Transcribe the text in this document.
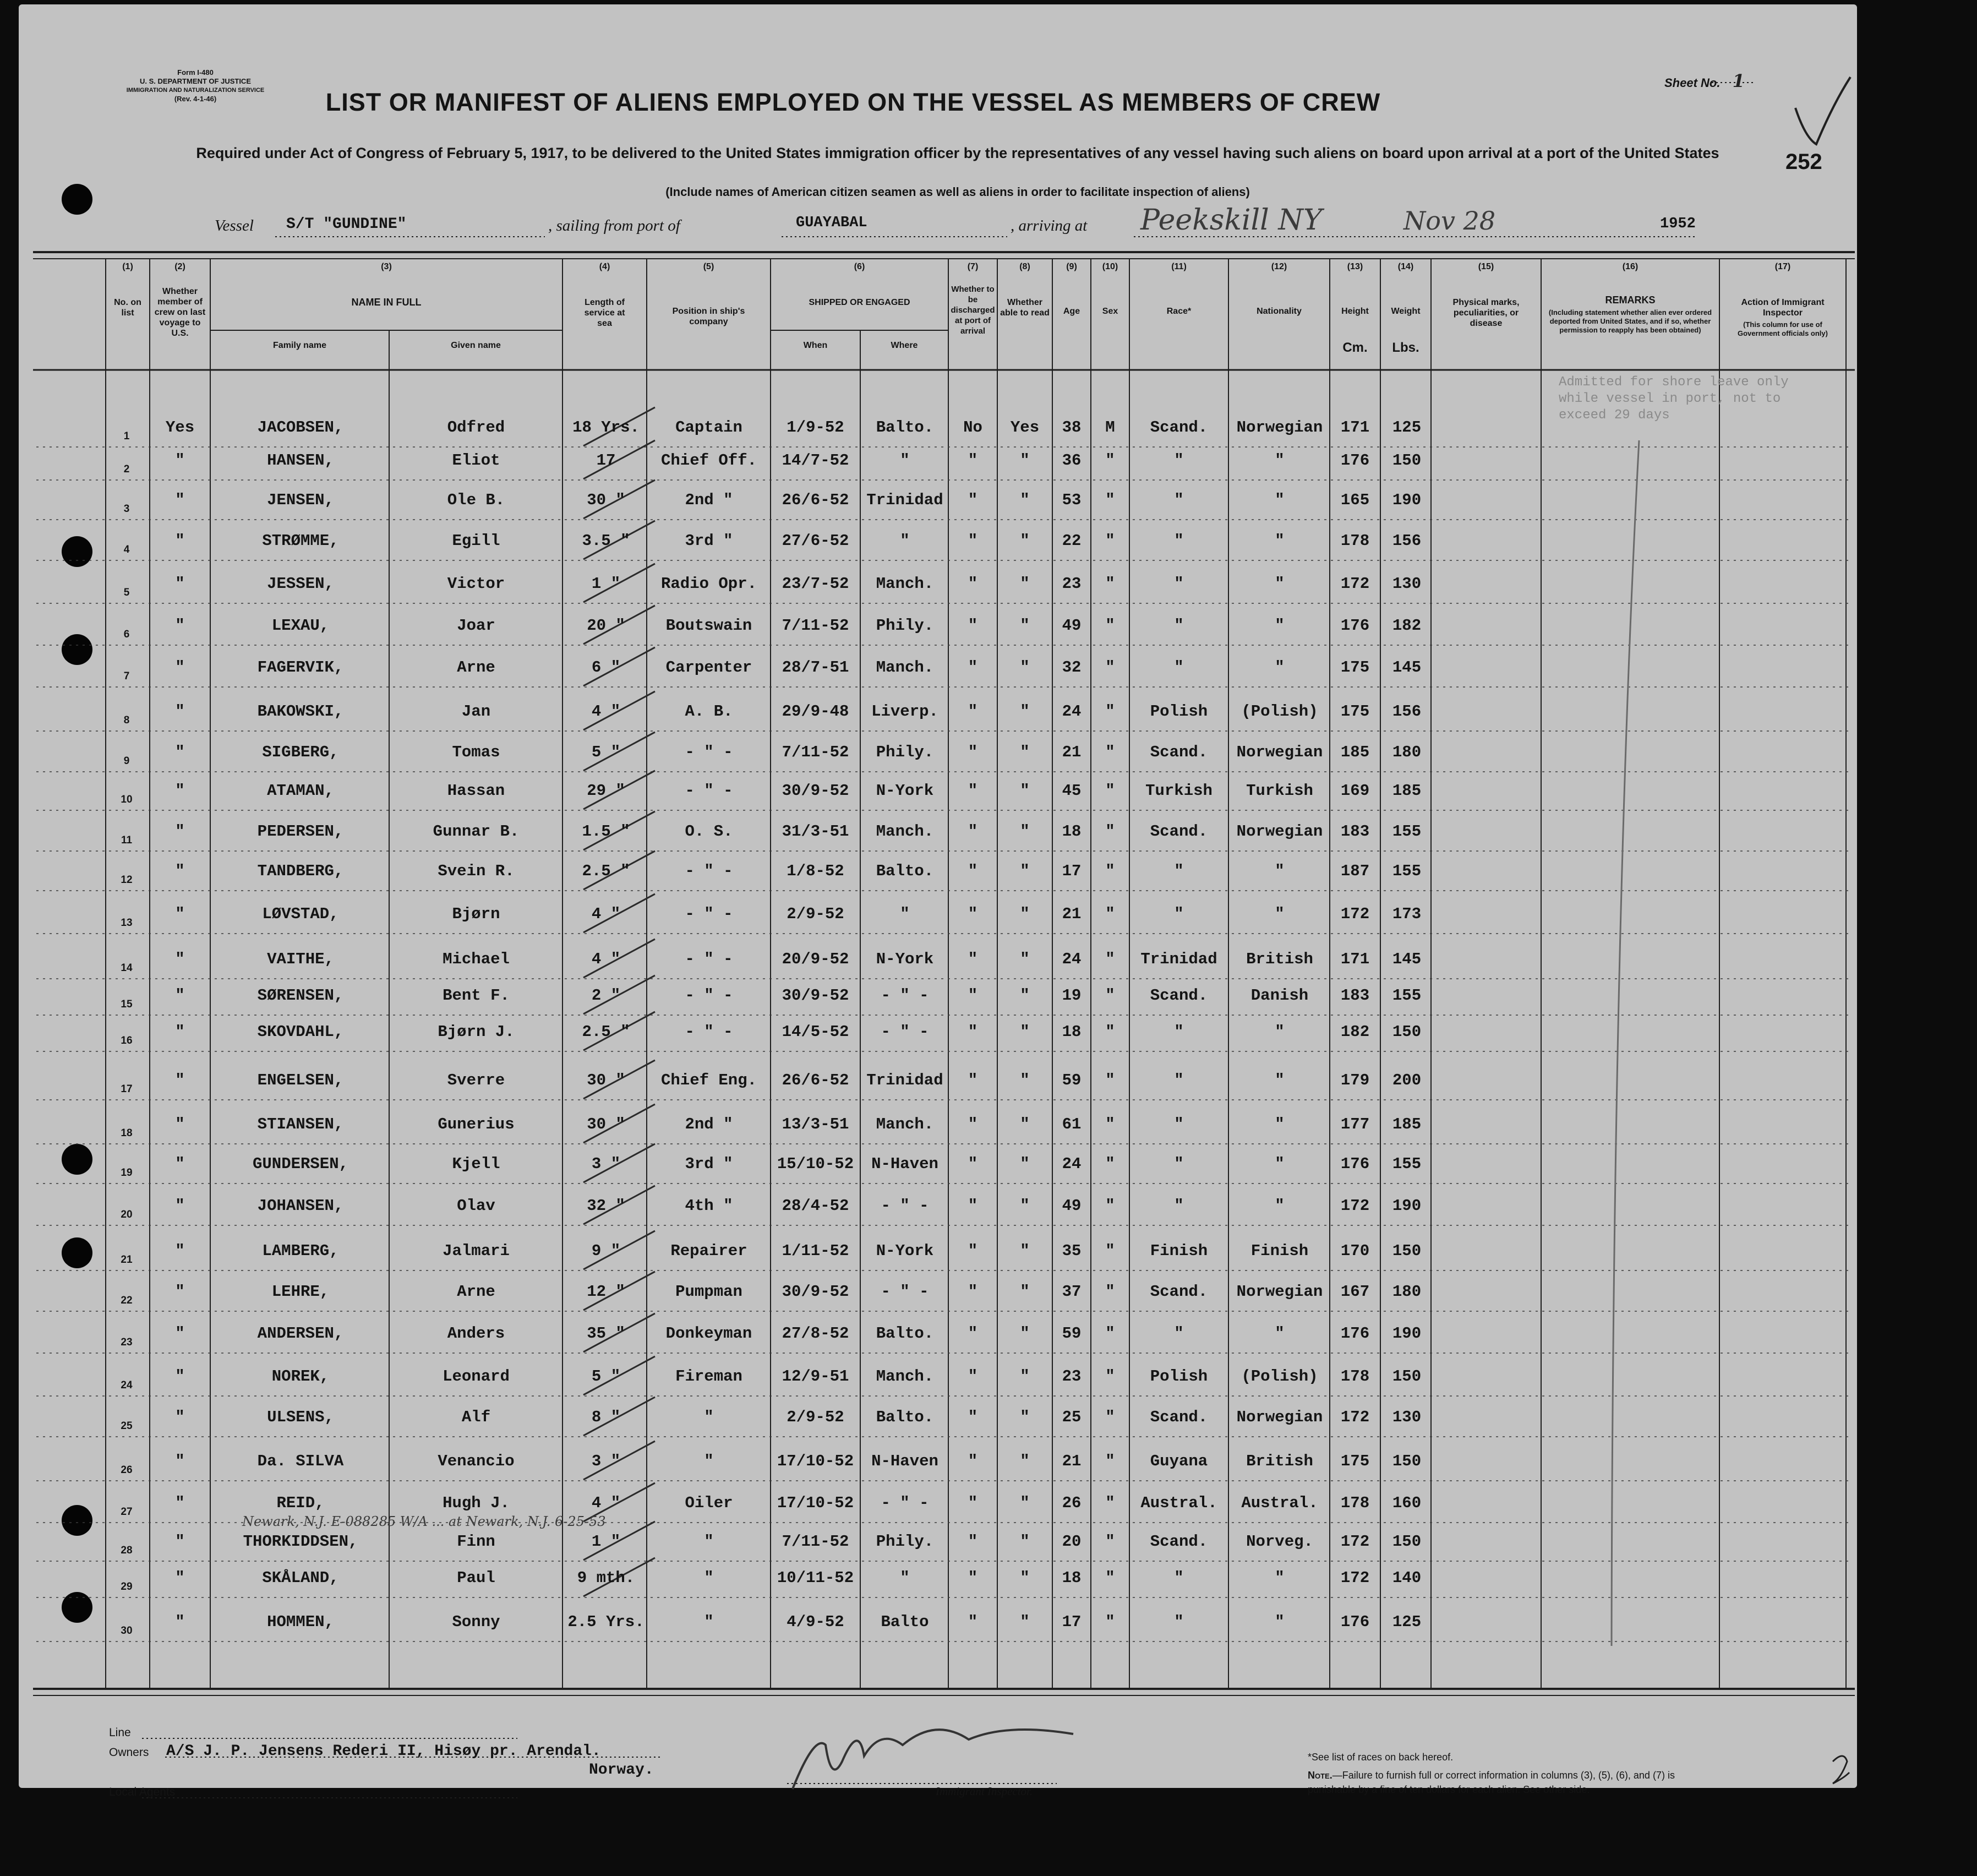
Form I-480
U. S. DEPARTMENT OF JUSTICE
IMMIGRATION AND NATURALIZATION SERVICE
(Rev. 4-1-46)
Sheet No. 1
252
LIST OR MANIFEST OF ALIENS EMPLOYED ON THE VESSEL AS MEMBERS OF CREW
Required under Act of Congress of February 5, 1917, to be delivered to the United States immigration officer by the representatives of any vessel having such aliens on board upon arrival at a port of the United States
(Include names of American citizen seamen as well as aliens in order to facilitate inspection of aliens)
Vessel S/T "GUNDINE"	, sailing from port of	GUAYABAL	, arriving at Peekskill NY	Nov 28	1952
(1)	(2)	(3)	(4)	(5)	(6)	(7)	(8)	(9)	(10)	(11)	(12)	(13)	(14)	(15)	(16)	(17)
No. on list
Whether member of crew on last voyage to U.S.
NAME IN FULL
Family name	Given name
Length of service at sea
Position in ship's company
SHIPPED OR ENGAGED
When	Where
Whether to be discharged at port of arrival
Whether able to read	Age	Sex	Race*	Nationality	Height
Cm.
Weight
Lbs.
Physical marks, peculiarities, or disease
REMARKS
(Including statement whether alien ever ordered deported from United States, and if so, whether permission to reapply has been obtained)
Action of Immigrant Inspector
(This column for use of Government officials only)
1	Yes	JACOBSEN,	Odfred	18 Yrs.	Captain	1/9-52	Balto.	No	Yes	38	M	Scand.	Norwegian	171	125
2	"	HANSEN,	Eliot	17	Chief Off.	14/7-52	"	"	"	36	"	"	"	176	150
3	"	JENSEN,	Ole B.	30 "	2nd "	26/6-52	Trinidad	"	"	53	"	"	"	165	190
4	"	STRØMME,	Egill	3.5 "	3rd "	27/6-52	"	"	"	22	"	"	"	178	156
5	"	JESSEN,	Victor	1 "	Radio Opr.	23/7-52	Manch.	"	"	23	"	"	"	172	130
6	"	LEXAU,	Joar	20 "	Boutswain	7/11-52	Phily.	"	"	49	"	"	"	176	182
7	"	FAGERVIK,	Arne	6 "	Carpenter	28/7-51	Manch.	"	"	32	"	"	"	175	145
8	"	BAKOWSKI,	Jan	4 "	A. B.	29/9-48	Liverp.	"	"	24	"	Polish	(Polish)	175	156
9	"	SIGBERG,	Tomas	5 "	- " -	7/11-52	Phily.	"	"	21	"	Scand.	Norwegian	185	180
10	"	ATAMAN,	Hassan	29 "	- " -	30/9-52	N-York	"	"	45	"	Turkish	Turkish	169	185
11	"	PEDERSEN,	Gunnar B.	1.5 "	O. S.	31/3-51	Manch.	"	"	18	"	Scand.	Norwegian	183	155
12	"	TANDBERG,	Svein R.	2.5 "	- " -	1/8-52	Balto.	"	"	17	"	"	"	187	155
13	"	LØVSTAD,	Bjørn	4 "	- " -	2/9-52	"	"	"	21	"	"	"	172	173
14	"	VAITHE,	Michael	4 "	- " -	20/9-52	N-York	"	"	24	"	Trinidad	British	171	145
15	"	SØRENSEN,	Bent F.	2 "	- " -	30/9-52	- " -	"	"	19	"	Scand.	Danish	183	155
16	"	SKOVDAHL,	Bjørn J.	2.5 "	- " -	14/5-52	- " -	"	"	18	"	"	"	182	150
17	"	ENGELSEN,	Sverre	30 "	Chief Eng.	26/6-52	Trinidad	"	"	59	"	"	"	179	200
18	"	STIANSEN,	Gunerius	30 "	2nd "	13/3-51	Manch.	"	"	61	"	"	"	177	185
19	"	GUNDERSEN,	Kjell	3 "	3rd "	15/10-52	N-Haven	"	"	24	"	"	"	176	155
20	"	JOHANSEN,	Olav	32 "	4th "	28/4-52	- " -	"	"	49	"	"	"	172	190
21	"	LAMBERG,	Jalmari	9 "	Repairer	1/11-52	N-York	"	"	35	"	Finish	Finish	170	150
22	"	LEHRE,	Arne	12 "	Pumpman	30/9-52	- " -	"	"	37	"	Scand.	Norwegian	167	180
23	"	ANDERSEN,	Anders	35 "	Donkeyman	27/8-52	Balto.	"	"	59	"	"	"	176	190
24	"	NOREK,	Leonard	5 "	Fireman	12/9-51	Manch.	"	"	23	"	Polish	(Polish)	178	150
25	"	ULSENS,	Alf	8 "	"	2/9-52	Balto.	"	"	25	"	Scand.	Norwegian	172	130
26	"	Da. SILVA	Venancio	3 "	"	17/10-52	N-Haven	"	"	21	"	Guyana	British	175	150
27	"	REID,	Hugh J.	4 "	Oiler	17/10-52	- " -	"	"	26	"	Austral.	Austral.	178	160
28	"	THORKIDDSEN,	Finn	1 "	"	7/11-52	Phily.	"	"	20	"	Scand.	Norveg.	172	150
29	"	SKÅLAND,	Paul	9 mth.	"	10/11-52	"	"	"	18	"	"	"	172	140
30	"	HOMMEN,	Sonny	2.5 Yrs.	"	4/9-52	Balto	"	"	17	"	"	"	176	125
Admitted for shore leave only while vessel in port, not to exceed 29 days
Newark, N.J. E-088285 W/A ... at Newark, N.J. 6-25-53
Line
Owners A/S J. P. Jensens Rederi II, Hisøy pr. Arendal.
Norway.
Local Agents	Immigrant Inspector.
*See list of races on back hereof.
Note.—Failure to furnish full or correct information in columns (3), (5), (6), and (7) is punishable by a fine of ten dollars for each alien. See other side.
